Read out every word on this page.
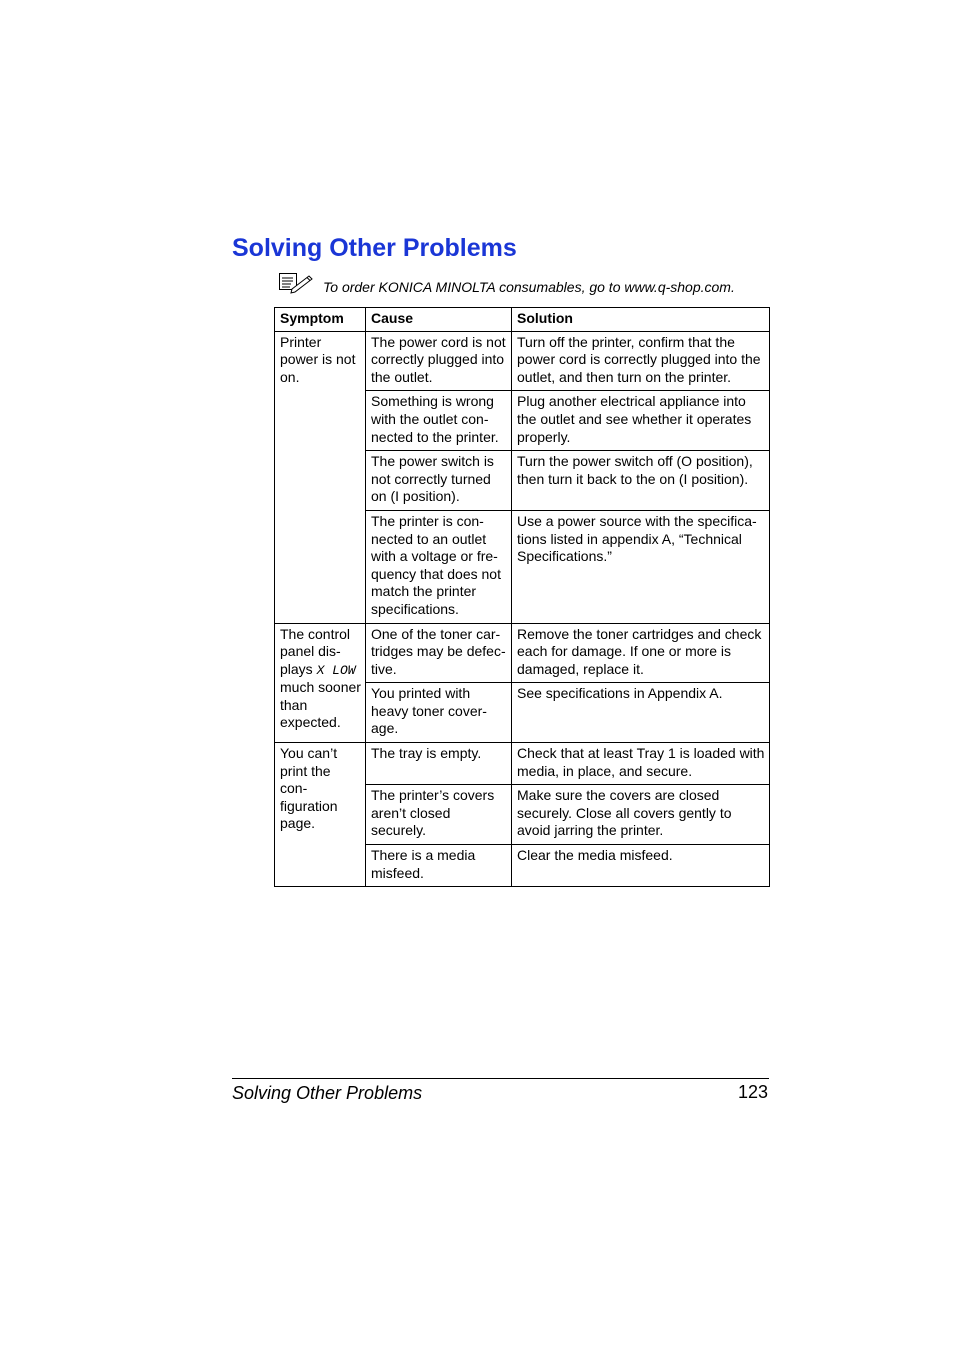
Solving Other Problems
To order KONICA MINOLTA consumables, go to www.q-shop.com.
Symptom	Cause	Solution
Printer power is not on.	The power cord is not correctly plugged into the outlet.	Turn off the printer, confirm that the power cord is correctly plugged into the outlet, and then turn on the printer.
	Something is wrong with the outlet con-nected to the printer.	Plug another electrical appliance into the outlet and see whether it operates properly.
	The power switch is not correctly turned on (I position).	Turn the power switch off (O position), then turn it back to the on (I position).
	The printer is con-nected to an outlet with a voltage or fre-quency that does not match the printer specifications.	Use a power source with the specifica-tions listed in appendix A, “Technical Specifications.”
The control panel dis-plays X LOW much sooner than expected.	One of the toner car-tridges may be defec-tive.	Remove the toner cartridges and check each for damage. If one or more is damaged, replace it.
	You printed with heavy toner cover-age.	See specifications in Appendix A.
You can’t print the con-figuration page.	The tray is empty.	Check that at least Tray 1 is loaded with media, in place, and secure.
	The printer’s covers aren’t closed securely.	Make sure the covers are closed securely. Close all covers gently to avoid jarring the printer.
	There is a media misfeed.	Clear the media misfeed.
Solving Other Problems	123
